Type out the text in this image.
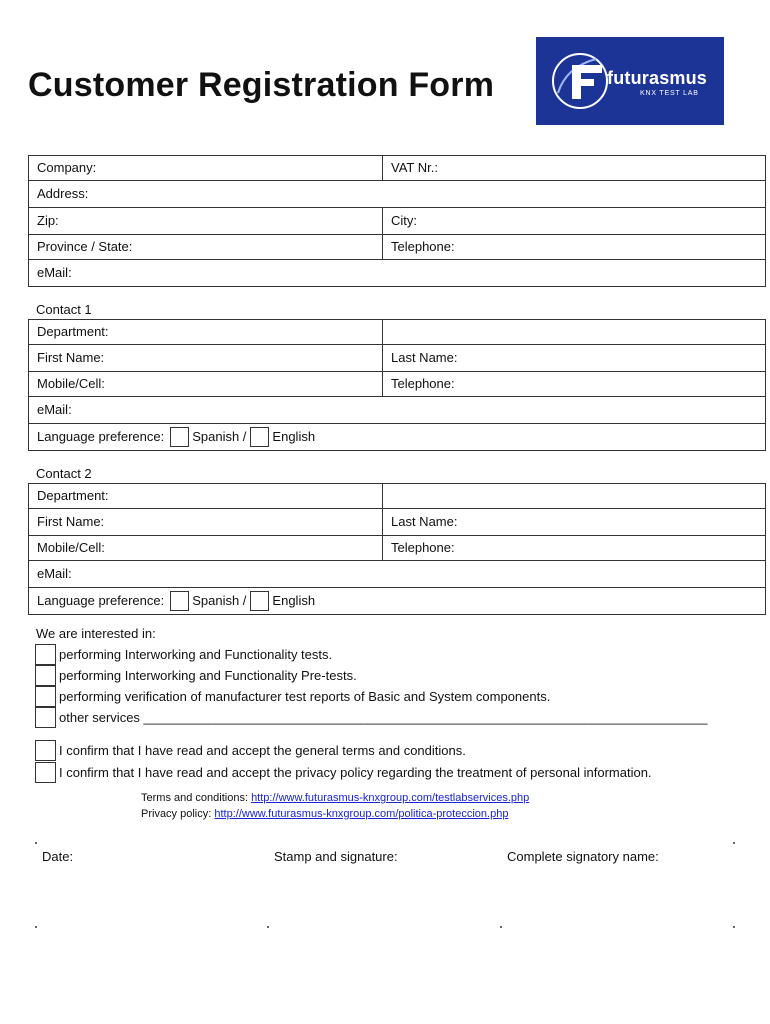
Customer Registration Form	futurasmus
KNX TEST LAB
Company:	VAT Nr.:
Address:	
Zip:	City:
Province / State:	Telephone:
eMail:	
Contact 1
Department:	
First Name:	Last Name:
Mobile/Cell:	Telephone:
eMail:	

Language preference: Spanish / English	
Contact 2
Department:	
First Name:	Last Name:
Mobile/Cell:	Telephone:
eMail:	

Language preference: Spanish / English	
We are interested in:
performing Interworking and Functionality tests.
performing Interworking and Functionality Pre-tests.
performing verification of manufacturer test reports of Basic and System components.
other services ______________________________________________________________________________
I confirm that I have read and accept the general terms and conditions.
I confirm that I have read and accept the privacy policy regarding the treatment of personal information.
Terms and conditions: http://www.futurasmus-knxgroup.com/testlabservices.php
Privacy policy: http://www.futurasmus-knxgroup.com/politica-proteccion.php
Date:	Stamp and signature:	Complete signatory name:
